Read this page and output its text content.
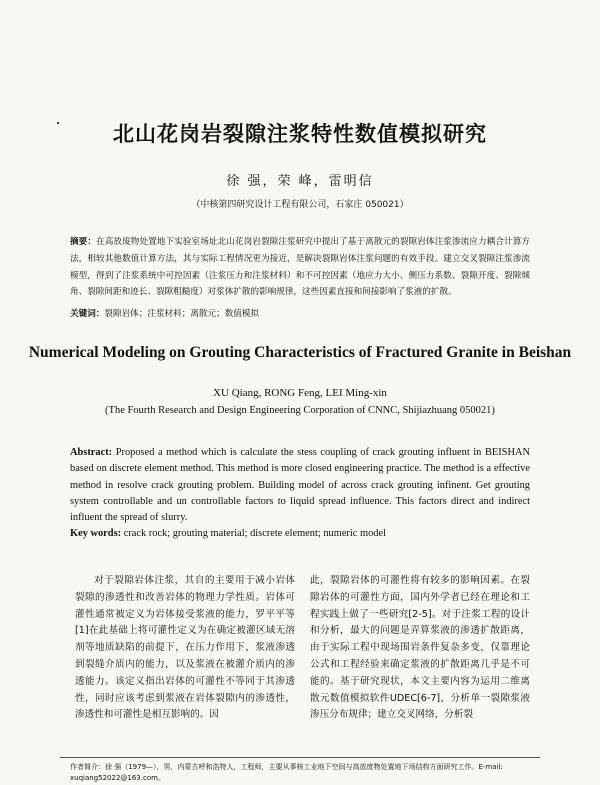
北山花岗岩裂隙注浆特性数值模拟研究
徐 强，荣 峰，雷明信
（中核第四研究设计工程有限公司，石家庄 050021）
摘要：在高放废物处置地下实验室场址北山花岗岩裂隙注浆研究中提出了基于离散元的裂隙岩体注浆渗流应力耦合计算方法，相较其他数值计算方法，其与实际工程情况更为接近，是解决裂隙岩体注浆问题的有效手段。建立交叉裂隙注浆渗流模型，得到了注浆系统中可控因素（注浆压力和注浆材料）和不可控因素（地应力大小、侧压力系数、裂隙开度、裂隙倾角、裂隙间距和迹长、裂隙粗糙度）对浆体扩散的影响规律，这些因素直接和间接影响了浆液的扩散。
关键词：裂隙岩体；注浆材料；离散元；数值模拟
Numerical Modeling on Grouting Characteristics of Fractured Granite in Beishan
XU Qiang, RONG Feng, LEI Ming-xin
(The Fourth Research and Design Engineering Corporation of CNNC, Shijiazhuang 050021)
Abstract: Proposed a method which is calculate the stess coupling of crack grouting influent in BEISHAN based on discrete element method. This method is more closed engineering practice. The method is a effective method in resolve crack grouting problem. Building model of across crack grouting infinent. Get grouting system controllable and un controllable factors to liquid spread influence. This factors direct and indirect influent the spread of slurry.
Key words: crack rock; grouting material; discrete element; numeric model
对于裂隙岩体注浆，其自的主要用于减小岩体裂隙的渗透性和改善岩体的物理力学性质。岩体可灌性通常被定义为岩体接受浆液的能力，罗平平等[1]在此基础上将可灌性定义为在确定被灌区域无溶剂等地质缺陷的前提下，在压力作用下，浆液渗透到裂缝介质内的能力，以及浆液在被灌介质内的渗透能力。该定义指出岩体的可灌性不等同于其渗透性，同时应该考虑到浆液在岩体裂隙内的渗透性，渗透性和可灌性是相互影响的。因
此，裂隙岩体的可灌性将有较多的影响因素。在裂隙岩体的可灌性方面，国内外学者已经在理论和工程实践上做了一些研究[2-5]。对于注浆工程的设计和分析，最大的问题是弄算浆液的渗透扩散距离，由于实际工程中现场围岩条件复杂多变，仅靠理论公式和工程经验来确定浆液的扩散距离几乎是不可能的。基于研究现状，本文主要内容为运用二维离散元数值模拟软件UDEC[6-7]，分析单一裂隙浆液渗压分布规律；建立交叉网络，分析裂
作者简介：徐 强（1979—），男，内蒙古呼和浩特人，工程师，主要从事核工业地下空间与高放废物处置地下场结构方面研究工作。E-mail: xuqiang52022@163.com。
